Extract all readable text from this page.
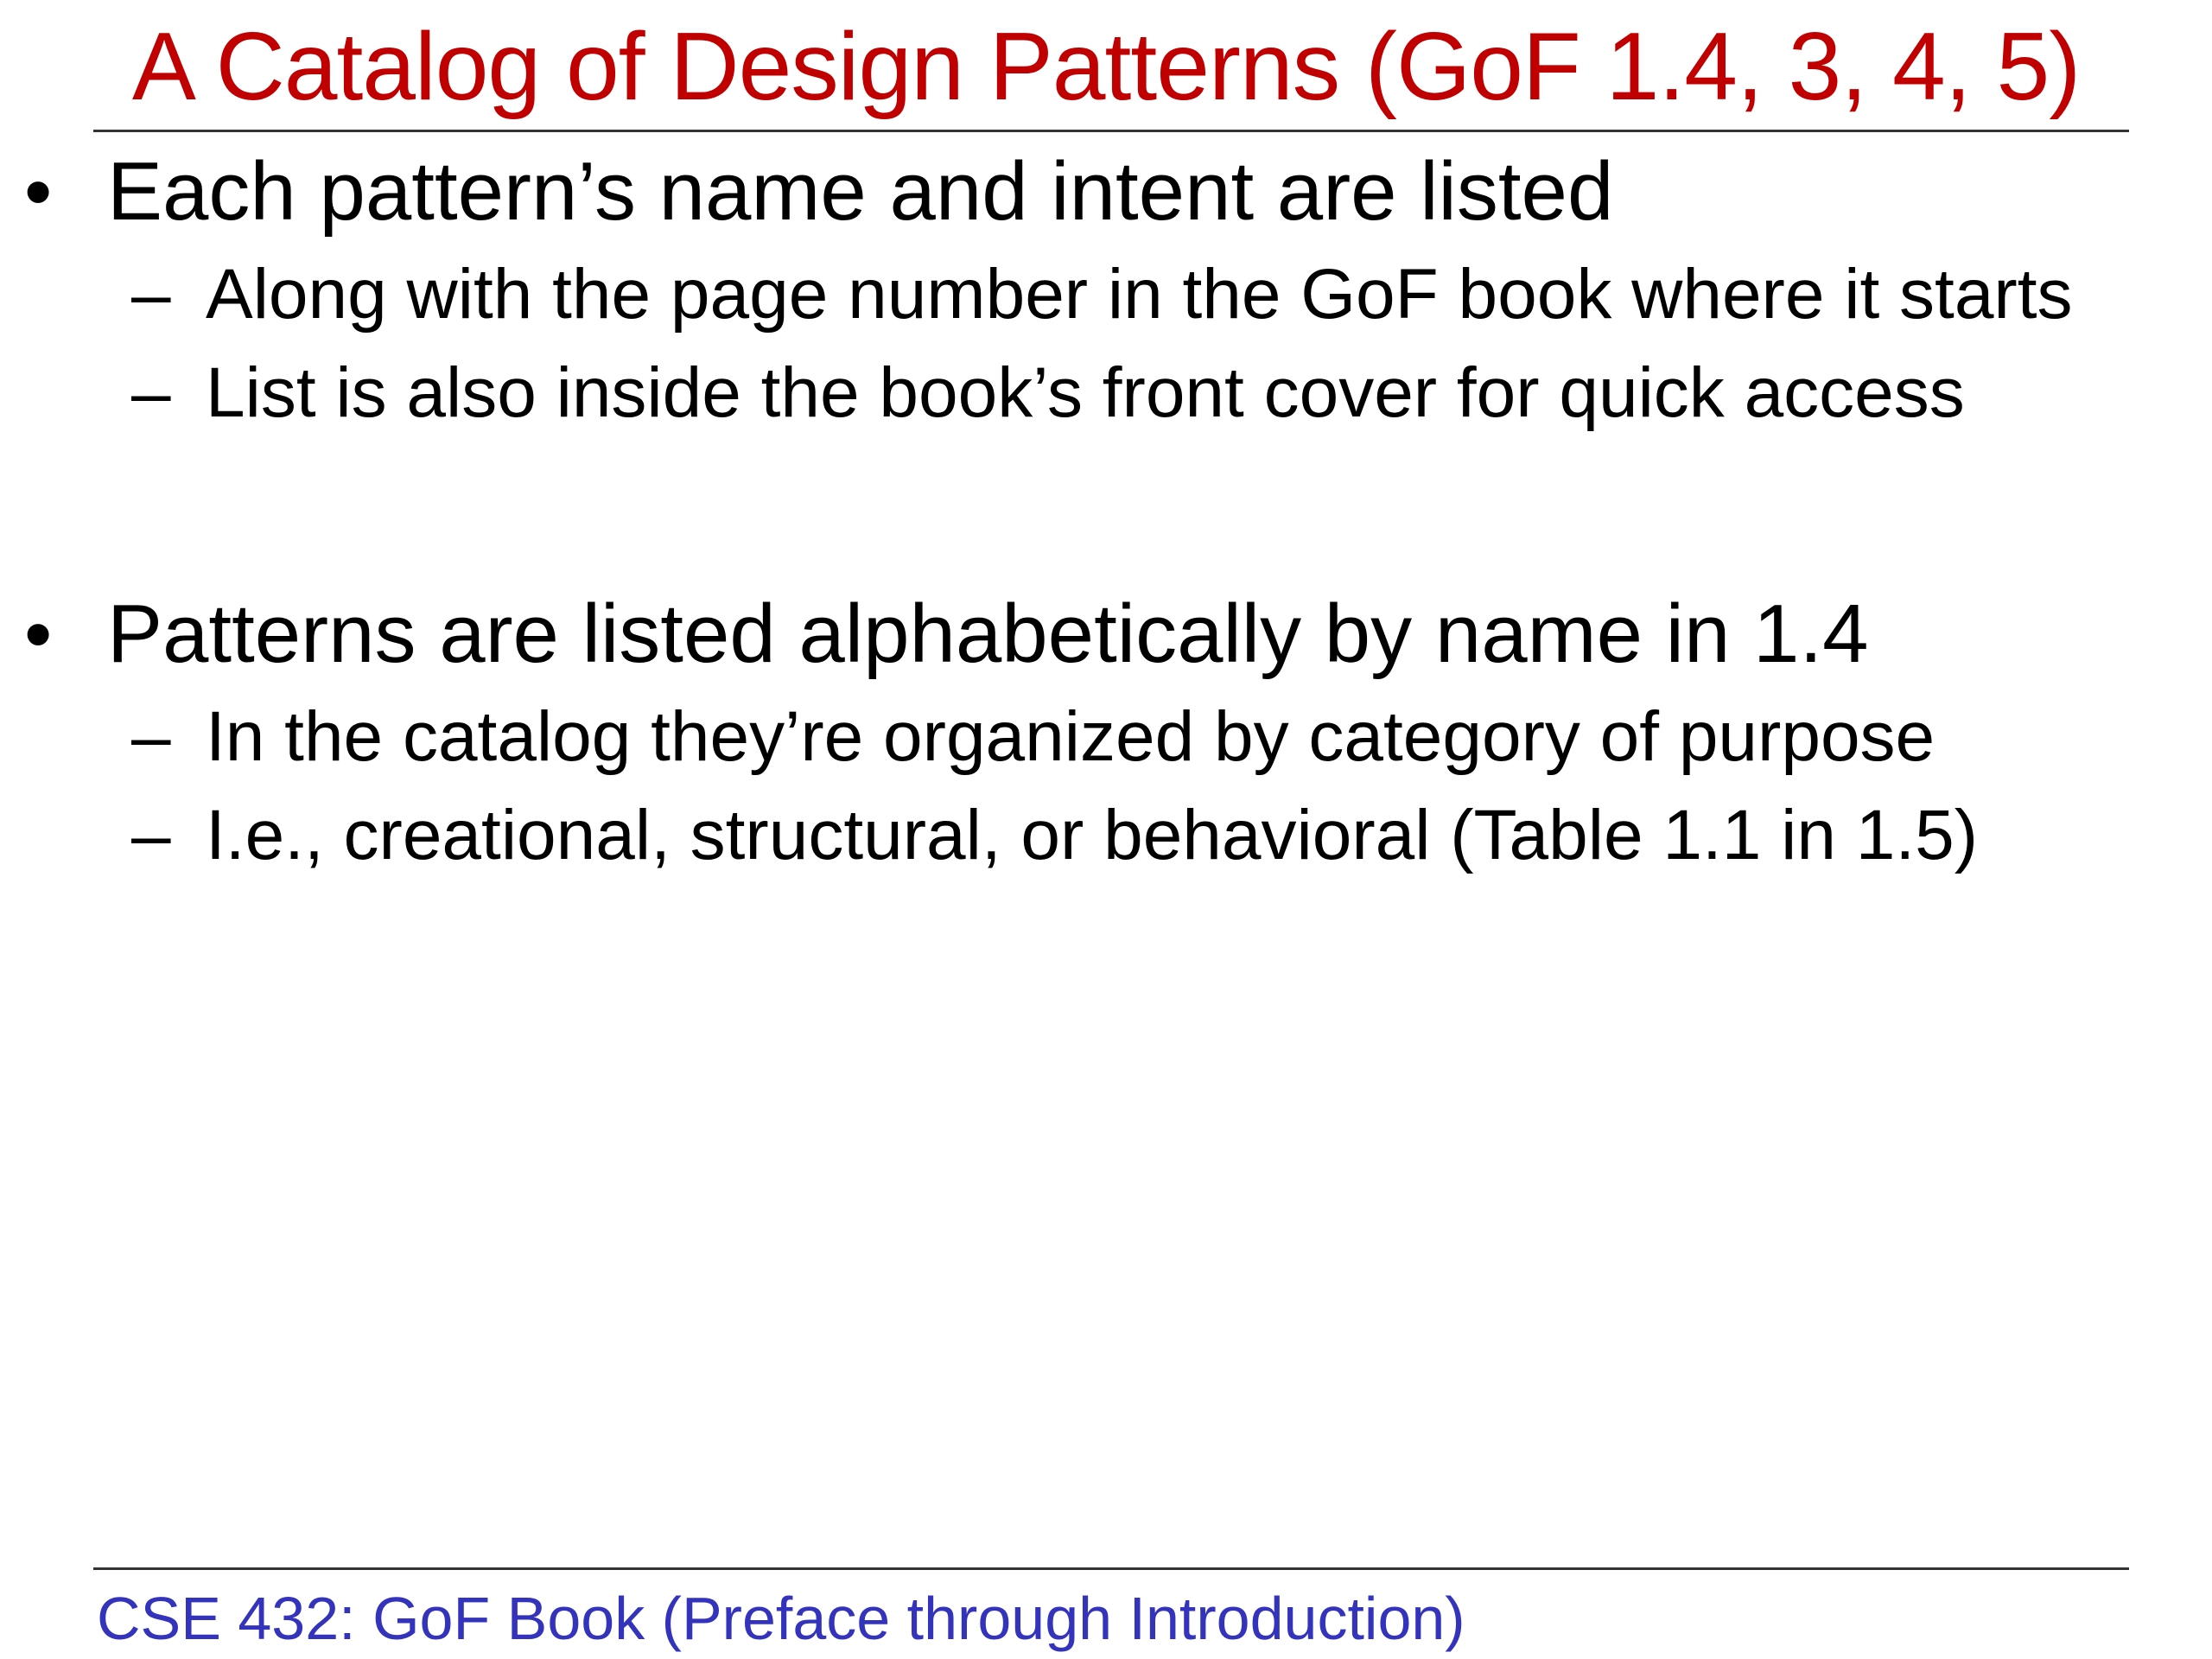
A Catalog of Design Patterns (GoF 1.4, 3, 4, 5)
• Each pattern’s name and intent are listed
– Along with the page number in the GoF book where it starts
– List is also inside the book’s front cover for quick access
• Patterns are listed alphabetically by name in 1.4
– In the catalog they’re organized by category of purpose
– I.e., creational, structural, or behavioral (Table 1.1 in 1.5)
CSE 432: GoF Book (Preface through Introduction)
